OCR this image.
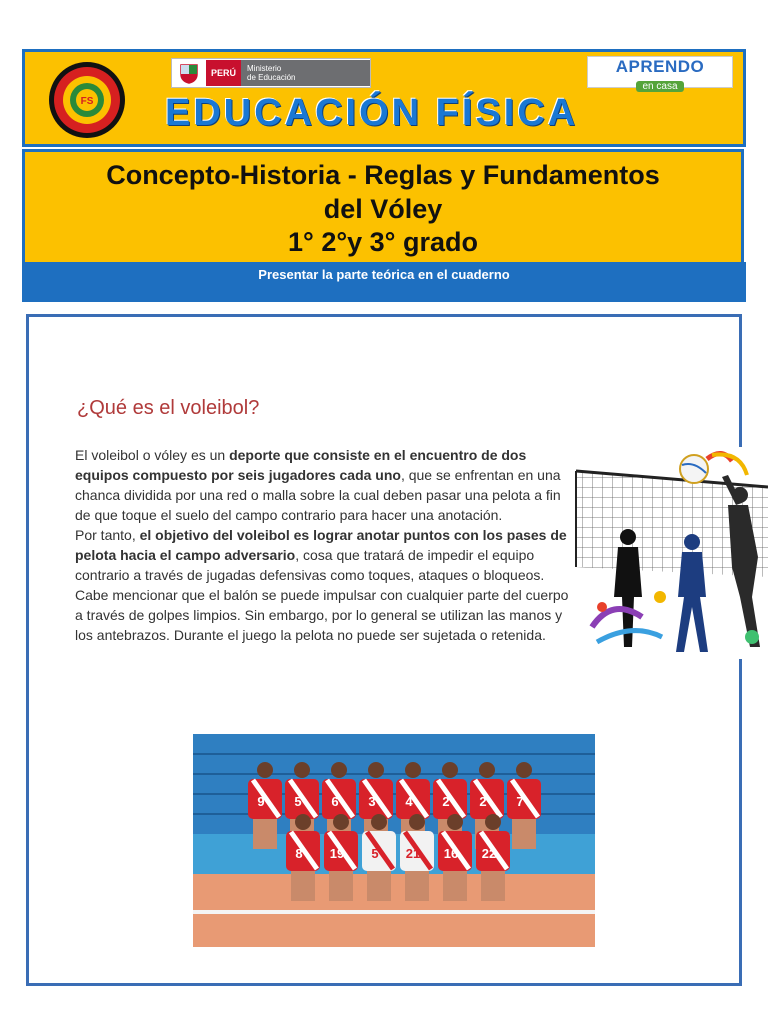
FS
PERÚ	Ministerio
de Educación
APRENDO
en casa
EDUCACIÓN FÍSICA
Concepto-Historia - Reglas y Fundamentos
del Vóley
1° 2°y 3° grado
Presentar la parte teórica en el cuaderno
¿Qué es el voleibol?

El voleibol o vóley es un deporte que consiste en el encuentro de dos equipos compuesto por seis jugadores cada uno, que se enfrentan en una chanca dividida por una red o malla sobre la cual deben pasar una pelota a fin de que toque el suelo del campo contrario para hacer una anotación.

Por tanto, el objetivo del voleibol es lograr anotar puntos con los pases de pelota hacia el campo adversario, cosa que tratará de impedir el equipo contrario a través de jugadas defensivas como toques, ataques o bloqueos.

Cabe mencionar que el balón se puede impulsar con cualquier parte del cuerpo a través de golpes limpios. Sin embargo, por lo general se utilizan las manos y los antebrazos. Durante el juego la pelota no puede ser sujetada o retenida.

9 5 6 3 4 2 2 7
8 19 5 21 16 22
